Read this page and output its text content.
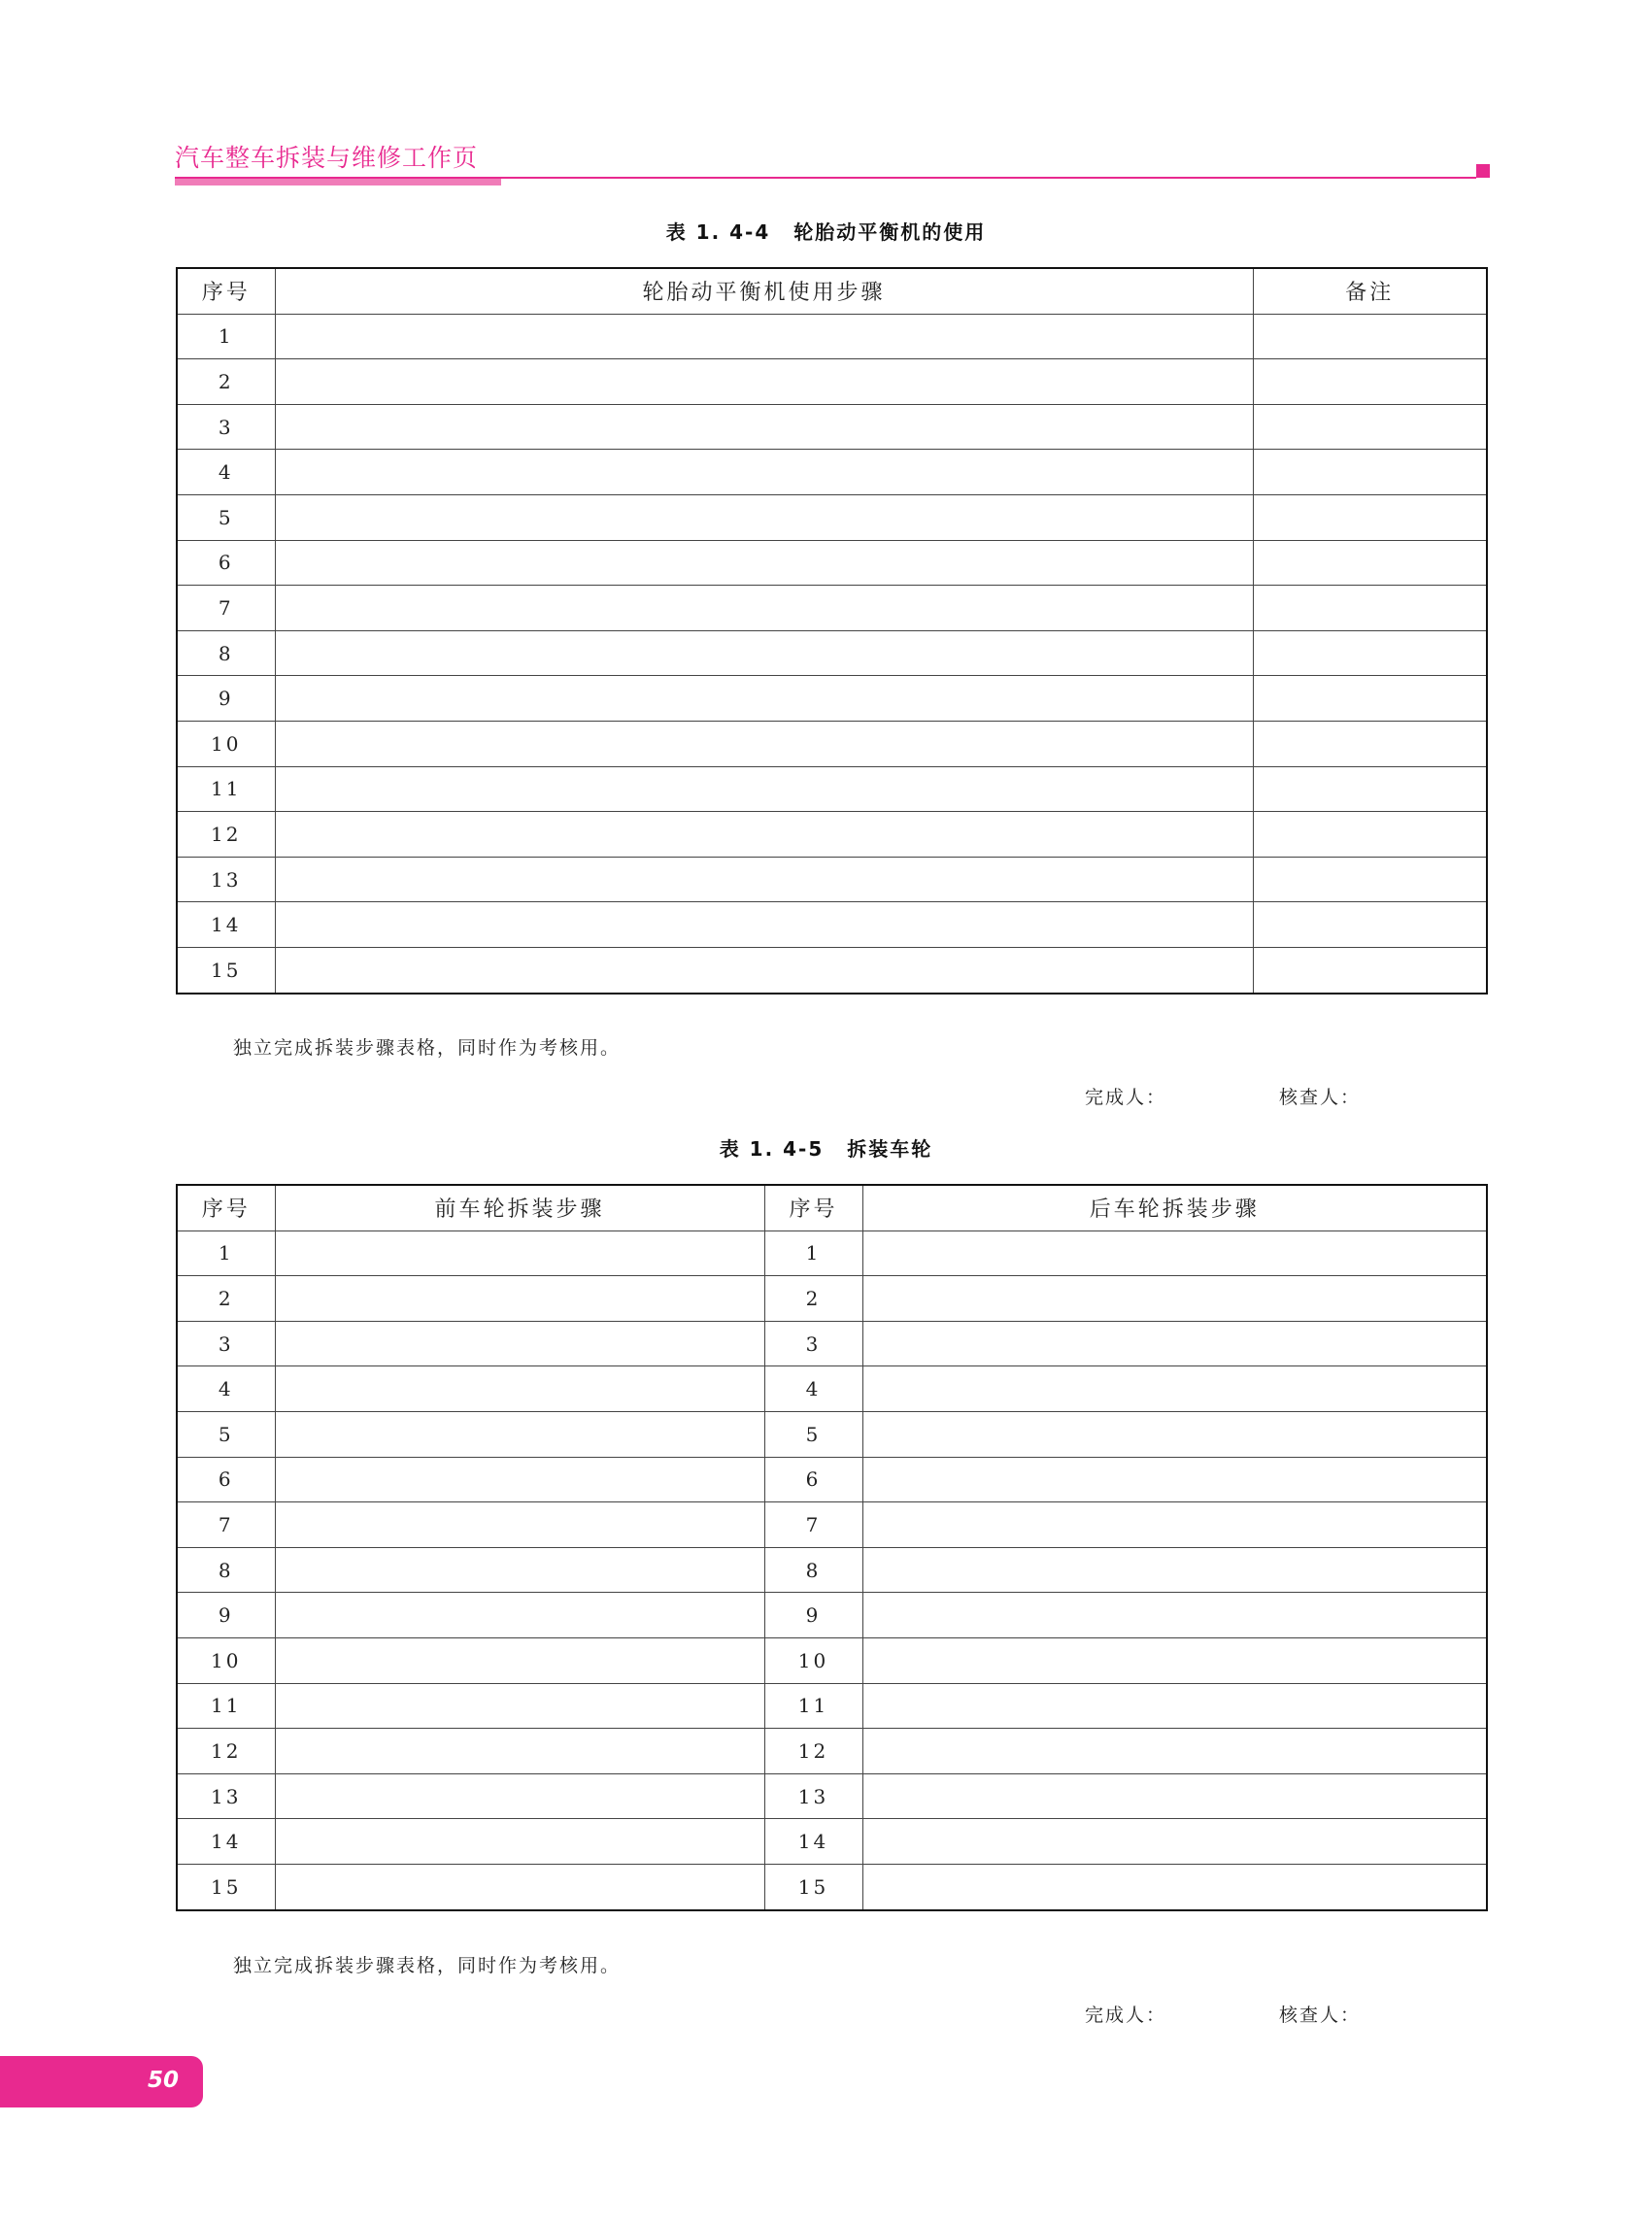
汽车整车拆装与维修工作页
表 1. 4-4 轮胎动平衡机的使用
序号	轮胎动平衡机使用步骤	备注
1		
2		
3		
4		
5		
6		
7		
8		
9		
10		
11		
12		
13		
14		
15		
独立完成拆装步骤表格，同时作为考核用。
完成人：	核查人：
表 1. 4-5 拆装车轮
序号	前车轮拆装步骤	序号	后车轮拆装步骤
1		1	
2		2	
3		3	
4		4	
5		5	
6		6	
7		7	
8		8	
9		9	
10		10	
11		11	
12		12	
13		13	
14		14	
15		15	
独立完成拆装步骤表格，同时作为考核用。
完成人：	核查人：
50
